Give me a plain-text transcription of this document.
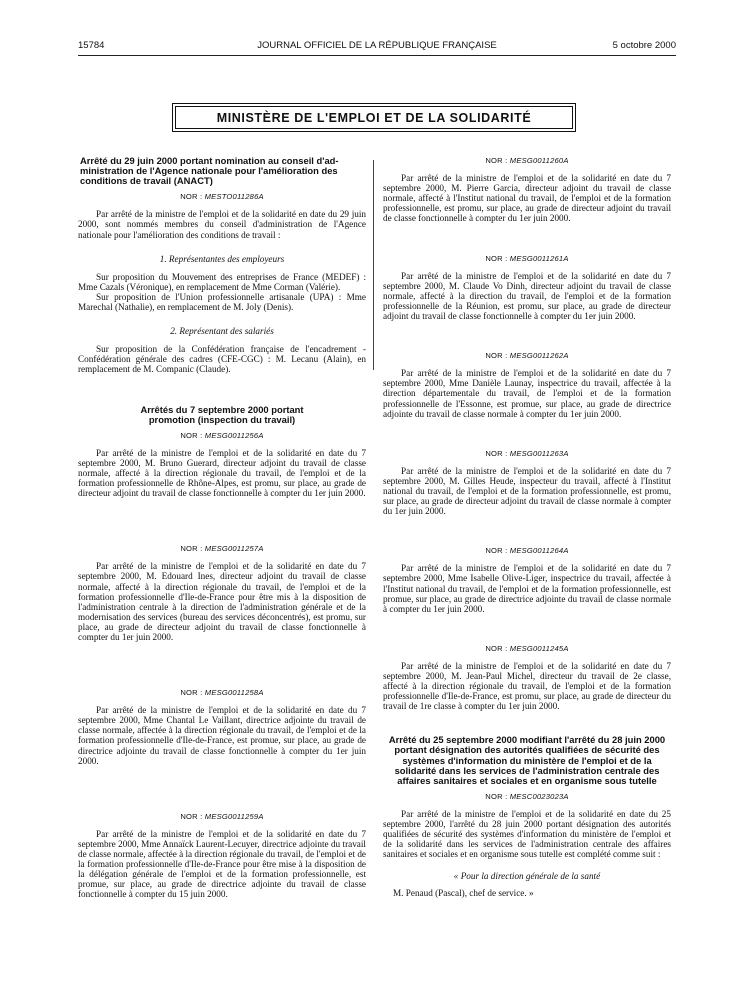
15784	JOURNAL OFFICIEL DE LA RÉPUBLIQUE FRANÇAISE	5 octobre 2000
MINISTÈRE DE L'EMPLOI ET DE LA SOLIDARITÉ

Arrêté du 29 juin 2000 portant nomination au conseil d'ad-ministration de l'Agence nationale pour l'amélioration des conditions de travail (ANACT)

NOR : MESTO011286A

Par arrêté de la ministre de l'emploi et de la solidarité en date du 29 juin 2000, sont nommés membres du conseil d'administration de l'Agence nationale pour l'amélioration des conditions de travail :

1. Représentantes des employeurs

Sur proposition du Mouvement des entreprises de France (MEDEF) : Mme Cazals (Véronique), en remplacement de Mme Corman (Valérie).

Sur proposition de l'Union professionnelle artisanale (UPA) : Mme Marechal (Nathalie), en remplacement de M. Joly (Denis).

2. Représentant des salariés

Sur proposition de la Confédération française de l'encadrement - Confédération générale des cadres (CFE-CGC) : M. Lecanu (Alain), en remplacement de M. Companic (Claude).

Arrêtés du 7 septembre 2000 portant promotion (inspection du travail)

NOR : MESG0011256A

Par arrêté de la ministre de l'emploi et de la solidarité en date du 7 septembre 2000, M. Bruno Guerard, directeur adjoint du travail de classe normale, affecté à la direction régionale du travail, de l'emploi et de la formation professionnelle de Rhône-Alpes, est promu, sur place, au grade de directeur adjoint du travail de classe fonctionnelle à compter du 1er juin 2000.

NOR : MESG0011257A

Par arrêté de la ministre de l'emploi et de la solidarité en date du 7 septembre 2000, M. Edouard Ines, directeur adjoint du travail de classe normale, affecté à la direction régionale du travail, de l'emploi et de la formation professionnelle d'Ile-de-France pour être mis à la disposition de l'administration centrale à la direction de l'administration générale et de la modernisation des services (bureau des services déconcentrés), est promu, sur place, au grade de directeur adjoint du travail de classe fonctionnelle à compter du 1er juin 2000.

NOR : MESG0011258A

Par arrêté de la ministre de l'emploi et de la solidarité en date du 7 septembre 2000, Mme Chantal Le Vaillant, directrice adjointe du travail de classe normale, affectée à la direction régionale du travail, de l'emploi et de la formation professionnelle d'Ile-de-France, est promue, sur place, au grade de directrice adjointe du travail de classe fonctionnelle à compter du 1er juin 2000.

NOR : MESG0011259A

Par arrêté de la ministre de l'emploi et de la solidarité en date du 7 septembre 2000, Mme Annaïck Laurent-Lecuyer, directrice adjointe du travail de classe normale, affectée à la direction régionale du travail, de l'emploi et de la formation professionnelle d'Ile-de-France pour être mise à la disposition de la délégation générale de l'emploi et de la formation professionnelle, est promue, sur place, au grade de directrice adjointe du travail de classe fonctionnelle à compter du 15 juin 2000.

NOR : MESG0011260A

Par arrêté de la ministre de l'emploi et de la solidarité en date du 7 septembre 2000, M. Pierre Garcia, directeur adjoint du travail de classe normale, affecté à l'Institut national du travail, de l'emploi et de la formation professionnelle, est promu, sur place, au grade de directeur adjoint du travail de classe fonctionnelle à compter du 1er juin 2000.

NOR : MESG0011261A

Par arrêté de la ministre de l'emploi et de la solidarité en date du 7 septembre 2000, M. Claude Vo Dinh, directeur adjoint du travail de classe normale, affecté à la direction du travail, de l'emploi et de la formation professionnelle de la Réunion, est promu, sur place, au grade de directeur adjoint du travail de classe fonctionnelle à compter du 1er juin 2000.

NOR : MESG0011262A

Par arrêté de la ministre de l'emploi et de la solidarité en date du 7 septembre 2000, Mme Danièle Launay, inspectrice du travail, affectée à la direction départementale du travail, de l'emploi et de la formation professionnelle de l'Essonne, est promue, sur place, au grade de directrice adjointe du travail de classe normale à compter du 1er juin 2000.

NOR : MESG0011263A

Par arrêté de la ministre de l'emploi et de la solidarité en date du 7 septembre 2000, M. Gilles Heude, inspecteur du travail, affecté à l'Institut national du travail, de l'emploi et de la formation professionnelle, est promu, sur place, au grade de directeur adjoint du travail de classe normale à compter du 1er juin 2000.

NOR : MESG0011264A

Par arrêté de la ministre de l'emploi et de la solidarité en date du 7 septembre 2000, Mme Isabelle Olive-Liger, inspectrice du travail, affectée à l'Institut national du travail, de l'emploi et de la formation professionnelle, est promue, sur place, au grade de directrice adjointe du travail de classe normale à compter du 1er juin 2000.

NOR : MESG0011245A

Par arrêté de la ministre de l'emploi et de la solidarité en date du 7 septembre 2000, M. Jean-Paul Michel, directeur du travail de 2e classe, affecté à la direction régionale du travail, de l'emploi et de la formation professionnelle d'Ile-de-France, est promu, sur place, au grade de directeur du travail de 1re classe à compter du 1er juin 2000.

Arrêté du 25 septembre 2000 modifiant l'arrêté du 28 juin 2000 portant désignation des autorités qualifiées de sécurité des systèmes d'information du ministère de l'emploi et de la solidarité dans les services de l'administration centrale des affaires sanitaires et sociales et en organisme sous tutelle

NOR : MESC0023023A

Par arrêté de la ministre de l'emploi et de la solidarité en date du 25 septembre 2000, l'arrêté du 28 juin 2000 portant désignation des autorités qualifiées de sécurité des systèmes d'information du ministère de l'emploi et de la solidarité dans les services de l'administration centrale des affaires sanitaires et sociales et en organisme sous tutelle est complété comme suit :

« Pour la direction générale de la santé

M. Penaud (Pascal), chef de service. »
